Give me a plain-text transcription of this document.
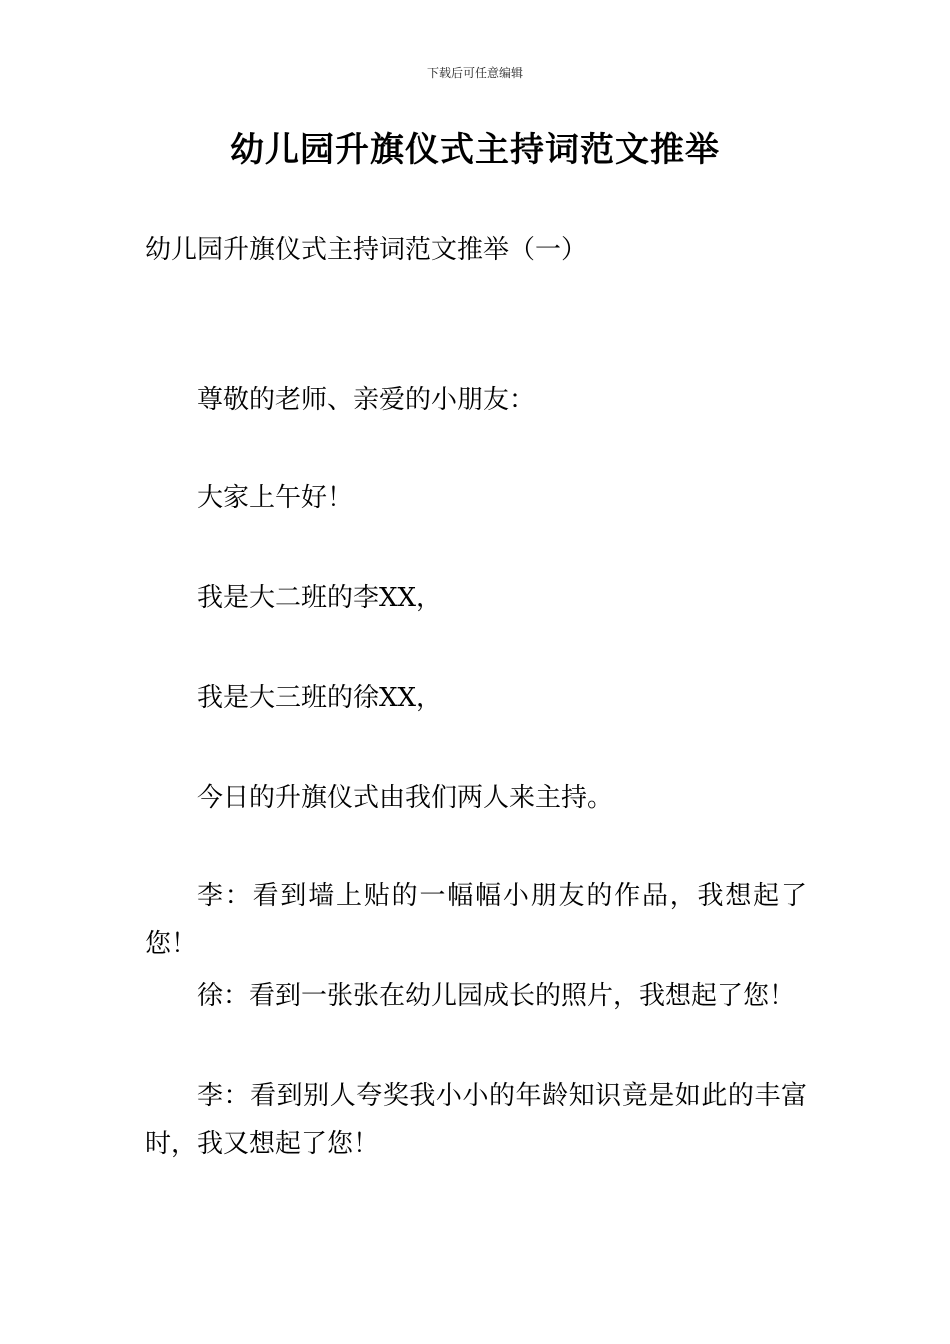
下载后可任意编辑
幼儿园升旗仪式主持词范文推举
幼儿园升旗仪式主持词范文推举（一）

尊敬的老师、亲爱的小朋友：

大家上午好！

我是大二班的李XX，

我是大三班的徐XX，

今日的升旗仪式由我们两人来主持。

李：看到墙上贴的一幅幅小朋友的作品，我想起了您！

徐：看到一张张在幼儿园成长的照片，我想起了您！

李：看到别人夸奖我小小的年龄知识竟是如此的丰富时，我又想起了您！
